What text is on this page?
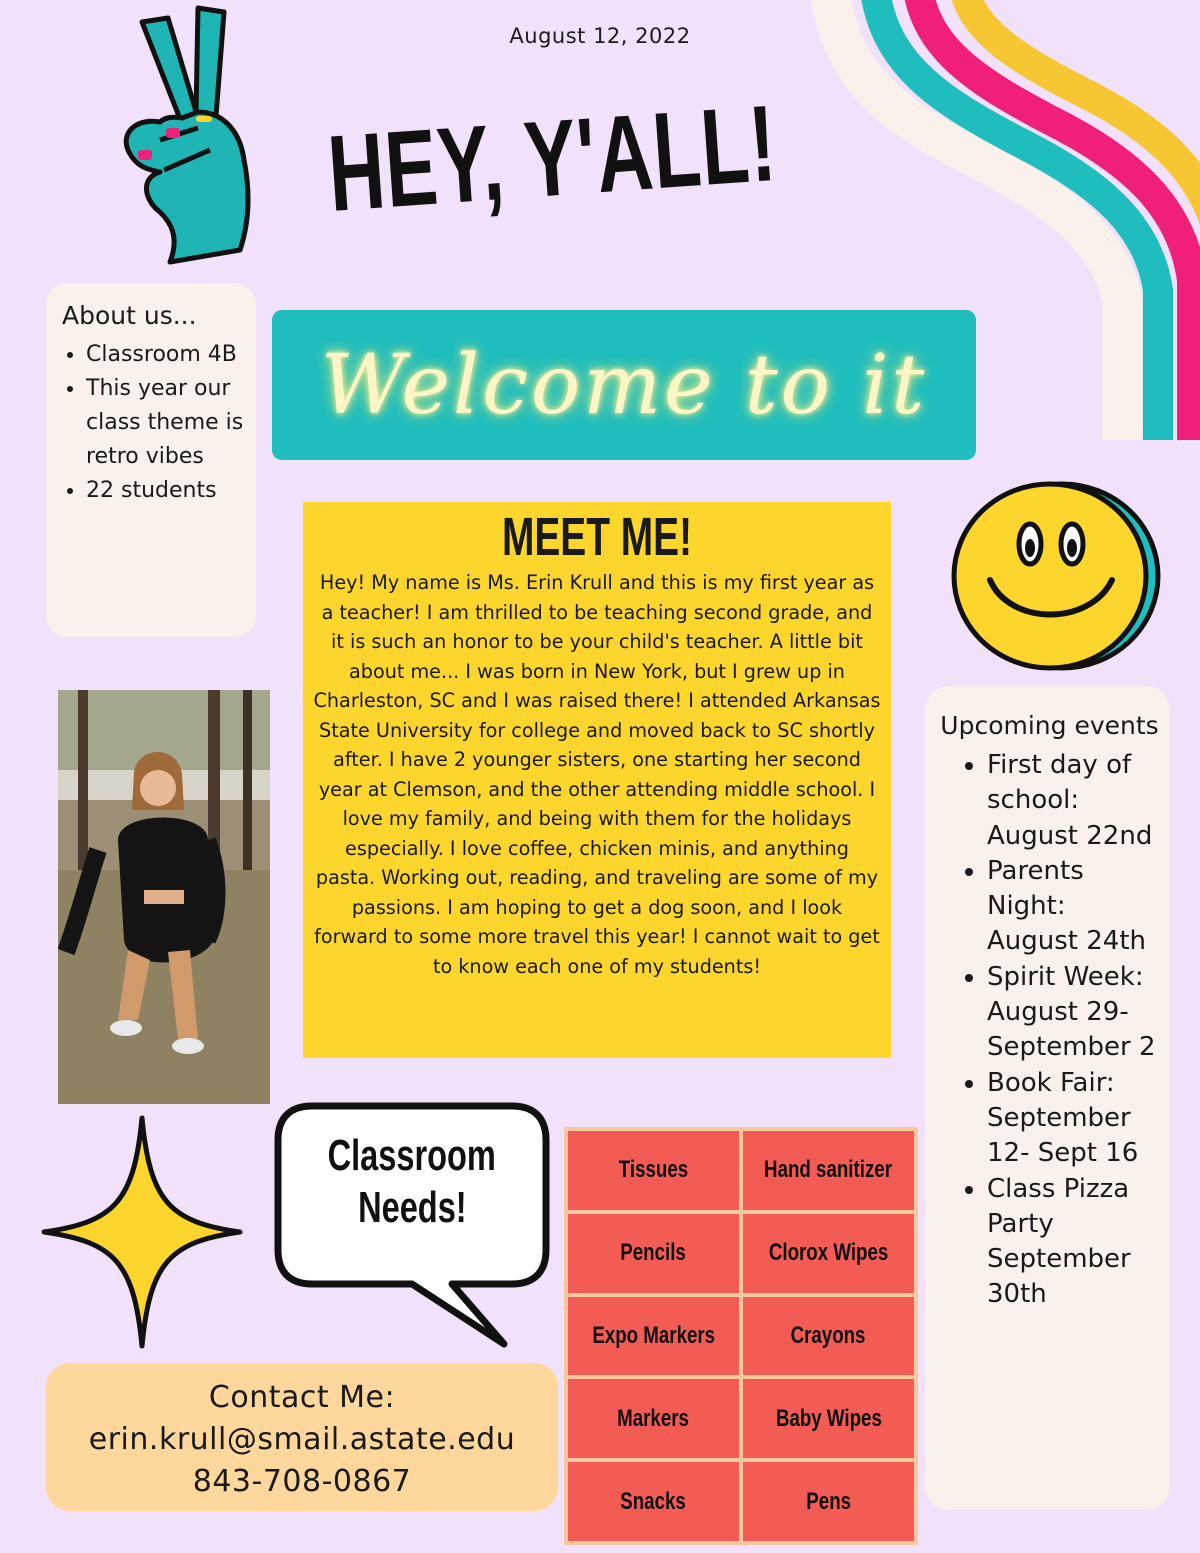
August 12, 2022
HEY, Y'ALL!
Welcome to it
About us...
• Classroom 4B
• This year our class theme is retro vibes
• 22 students
MEET ME!

Hey! My name is Ms. Erin Krull and this is my first year as a teacher! I am thrilled to be teaching second grade, and it is such an honor to be your child's teacher. A little bit about me... I was born in New York, but I grew up in Charleston, SC and I was raised there! I attended Arkansas State University for college and moved back to SC shortly after. I have 2 younger sisters, one starting her second year at Clemson, and the other attending middle school. I love my family, and being with them for the holidays especially. I love coffee, chicken minis, and anything pasta. Working out, reading, and traveling are some of my passions. I am hoping to get a dog soon, and I look forward to some more travel this year! I cannot wait to get to know each one of my students!

Upcoming events
• First day of school: August 22nd
• Parents Night: August 24th
• Spirit Week: August 29- September 2
• Book Fair: September 12- Sept 16
• Class Pizza Party September 30th
Classroom
Needs!
Tissues	Hand sanitizer
Pencils	Clorox Wipes
Expo Markers	Crayons
Markers	Baby Wipes
Snacks	Pens
Contact Me:
erin.krull@smail.astate.edu
843-708-0867
